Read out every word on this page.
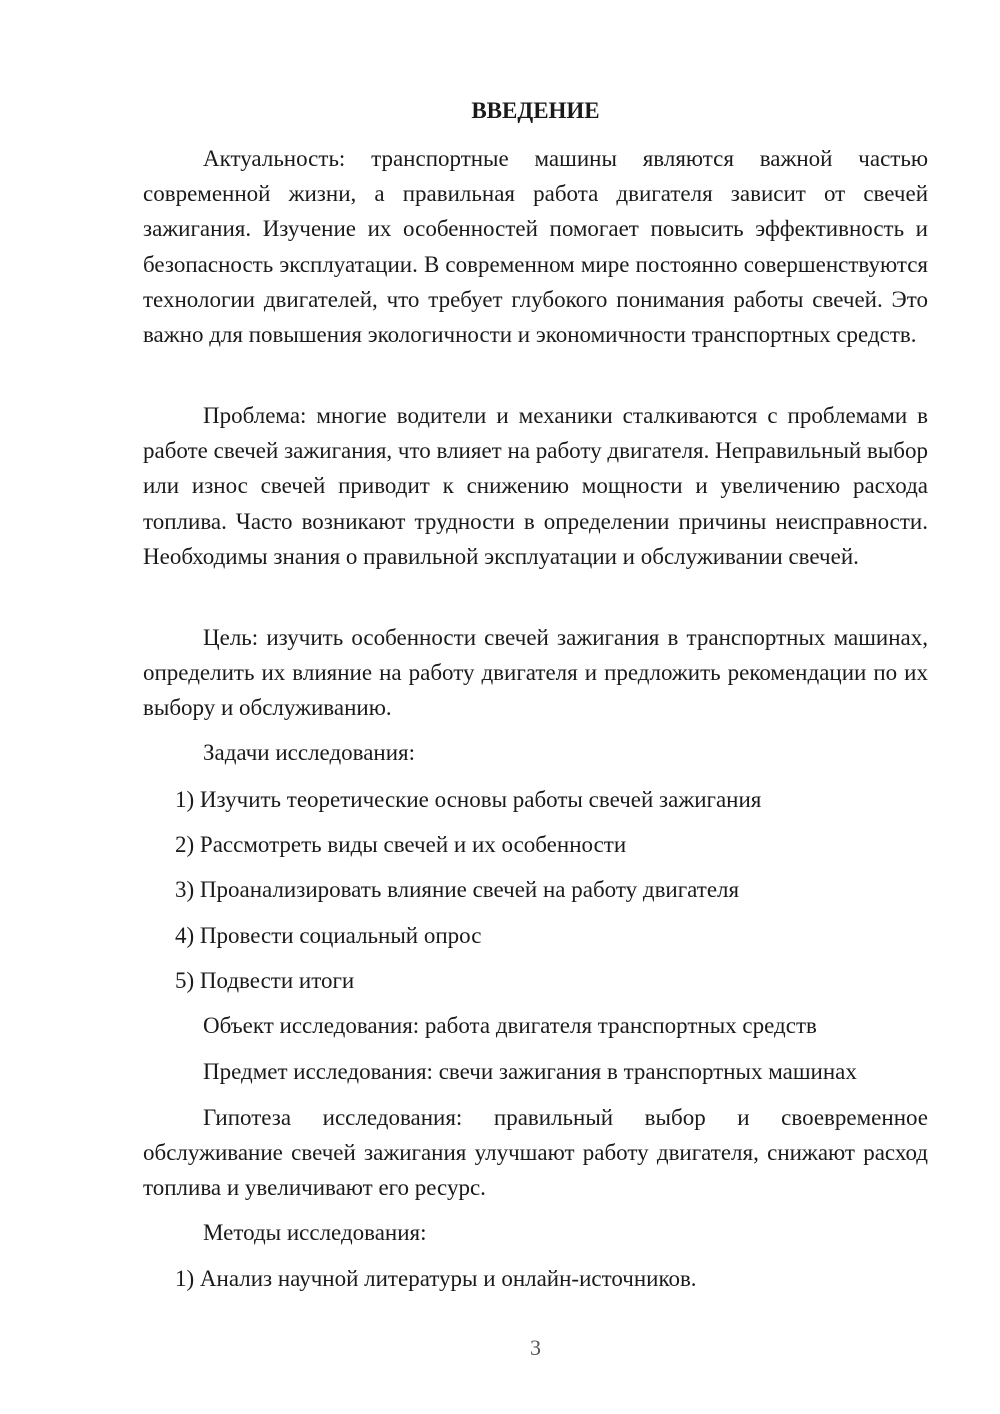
ВВЕДЕНИЕ

Актуальность: транспортные машины являются важной частью современной жизни, а правильная работа двигателя зависит от свечей зажигания. Изучение их особенностей помогает повысить эффективность и безопасность эксплуатации. В современном мире постоянно совершенствуются технологии двигателей, что требует глубокого понимания работы свечей. Это важно для повышения экологичности и экономичности транспортных средств.

Проблема: многие водители и механики сталкиваются с проблемами в работе свечей зажигания, что влияет на работу двигателя. Неправильный выбор или износ свечей приводит к снижению мощности и увеличению расхода топлива. Часто возникают трудности в определении причины неисправности. Необходимы знания о правильной эксплуатации и обслуживании свечей.

Цель: изучить особенности свечей зажигания в транспортных машинах, определить их влияние на работу двигателя и предложить рекомендации по их выбору и обслуживанию.

Задачи исследования:

1) Изучить теоретические основы работы свечей зажигания

2) Рассмотреть виды свечей и их особенности

3) Проанализировать влияние свечей на работу двигателя

4) Провести социальный опрос

5) Подвести итоги

Объект исследования: работа двигателя транспортных средств

Предмет исследования: свечи зажигания в транспортных машинах

Гипотеза исследования: правильный выбор и своевременное обслуживание свечей зажигания улучшают работу двигателя, снижают расход топлива и увеличивают его ресурс.

Методы исследования:

1) Анализ научной литературы и онлайн-источников.

3
